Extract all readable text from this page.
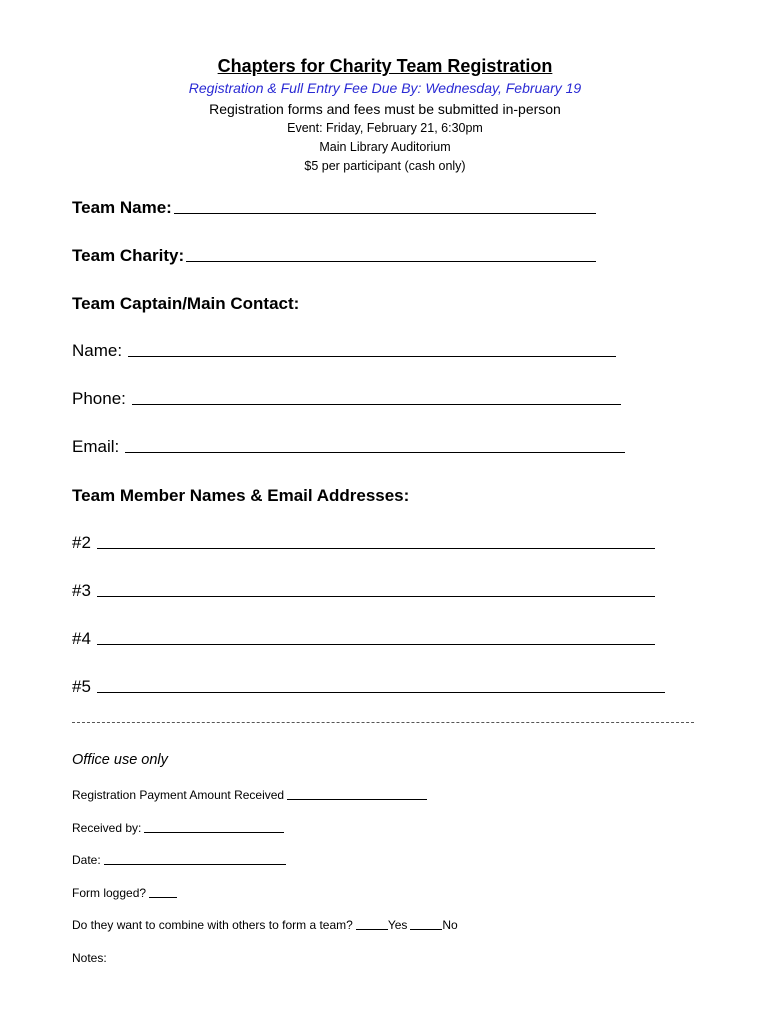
Chapters for Charity Team Registration
Registration & Full Entry Fee Due By: Wednesday, February 19
Registration forms and fees must be submitted in-person
Event: Friday, February 21, 6:30pm
Main Library Auditorium
$5 per participant (cash only)
Team Name:
Team Charity:
Team Captain/Main Contact:
Name:
Phone:
Email:
Team Member Names & Email Addresses:
#2
#3
#4
#5
Office use only
Registration Payment Amount Received
Received by:
Date:
Form logged?
Do they want to combine with others to form a team?	Yes	No
Notes:
